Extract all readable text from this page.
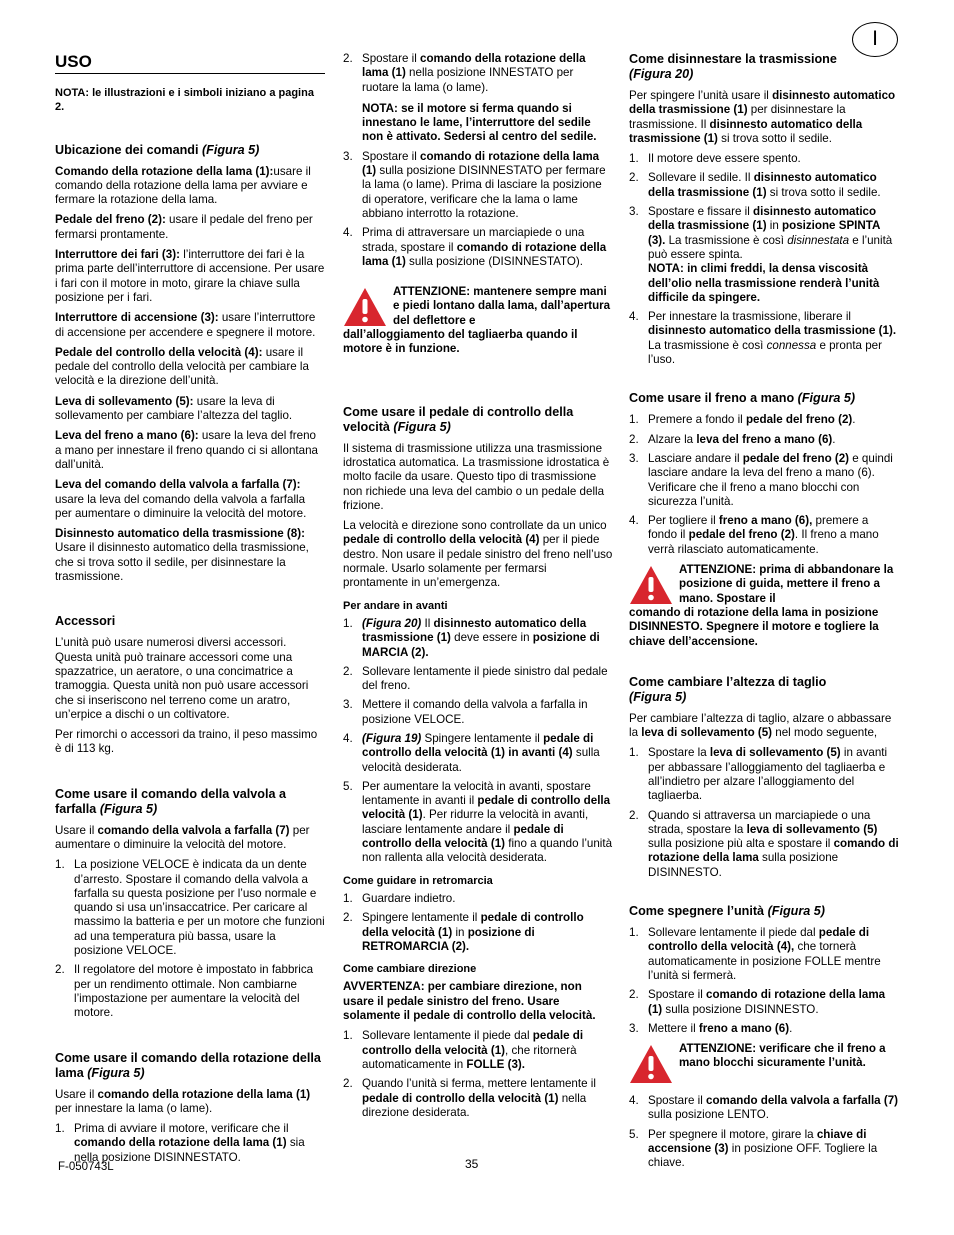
I
USO

NOTA: le illustrazioni e i simboli iniziano a pagina 2.

Ubicazione dei comandi (Figura 5)

Comando della rotazione della lama (1):usare il comando della rotazione della lama per avviare e fermare la rotazione della lama.

Pedale del freno (2): usare il pedale del freno per fermarsi prontamente.

Interruttore dei fari (3): l’interruttore dei fari è la prima parte dell’interruttore di accensione. Per usare i fari con il motore in moto, girare la chiave sulla posizione per i fari.

Interruttore di accensione (3): usare l’interruttore di accensione per accendere e spegnere il motore.

Pedale del controllo della velocità (4): usare il pedale del controllo della velocità per cambiare la velocità e la direzione dell’unità.

Leva di sollevamento (5): usare la leva di sollevamento per cambiare l’altezza del taglio.

Leva del freno a mano (6): usare la leva del freno a mano per innestare il freno quando ci si allontana dall’unità.

Leva del comando della valvola a farfalla (7): usare la leva del comando della valvola a farfalla per aumentare o diminuire la velocità del motore.

Disinnesto automatico della trasmissione (8): Usare il disinnesto automatico della trasmissione, che si trova sotto il sedile, per disinnestare la trasmissione.

Accessori

L’unità può usare numerosi diversi accessori. Questa unità può trainare accessori come una spazzatrice, un aeratore, o una concimatrice a tramoggia. Questa unità non può usare accessori che si inseriscono nel terreno come un aratro, un’erpice a dischi o un coltivatore.

Per rimorchi o accessori da traino, il peso massimo è di 113 kg.

Come usare il comando della valvola a farfalla (Figura 5)

Usare il comando della valvola a farfalla (7) per aumentare o diminuire la velocità del motore.

1. La posizione VELOCE è indicata da un dente d’arresto. Spostare il comando della valvola a farfalla su questa posizione per l’uso normale e quando si usa un’insaccatrice. Per caricare al massimo la batteria e per un motore che funzioni ad una temperatura più bassa, usare la posizione VELOCE.
2. Il regolatore del motore è impostato in fabbrica per un rendimento ottimale. Non cambiarne l’impostazione per aumentare la velocità del motore.
Come usare il comando della rotazione della lama (Figura 5)

Usare il comando della rotazione della lama (1) per innestare la lama (o lame).

1. Prima di avviare il motore, verificare che il comando della rotazione della lama (1) sia nella posizione DISINNESTATO.
2. Spostare il comando della rotazione della lama (1) nella posizione INNESTATO per ruotare la lama (o lame).
NOTA: se il motore si ferma quando si innestano le lame, l’interruttore del sedile non è attivato. Sedersi al centro del sedile.
3. Spostare il comando di rotazione della lama (1) sulla posizione DISINNESTATO per fermare la lama (o lame). Prima di lasciare la posizione di operatore, verificare che la lama o lame abbiano interrotto la rotazione.
4. Prima di attraversare un marciapiede o una strada, spostare il comando di rotazione della lama (1) sulla posizione (DISINNESTATO).
ATTENZIONE: mantenere sempre mani e piedi lontano dalla lama, dall’apertura del deflettore e
dall’alloggiamento del tagliaerba quando il motore è in funzione.
Come usare il pedale di controllo della velocità (Figura 5)

Il sistema di trasmissione utilizza una trasmissione idrostatica automatica. La trasmissione idrostatica è molto facile da usare. Questo tipo di trasmissione non richiede una leva del cambio o un pedale della frizione.

La velocità e direzione sono controllate da un unico pedale di controllo della velocità (4) per il piede destro. Non usare il pedale sinistro del freno nell’uso normale. Usarlo solamente per fermarsi prontamente in un’emergenza.

Per andare in avanti
1. (Figura 20) Il disinnesto automatico della trasmissione (1) deve essere in posizione di MARCIA (2).
2. Sollevare lentamente il piede sinistro dal pedale del freno.
3. Mettere il comando della valvola a farfalla in posizione VELOCE.
4. (Figura 19) Spingere lentamente il pedale di controllo della velocità (1) in avanti (4) sulla velocità desiderata.
5. Per aumentare la velocità in avanti, spostare lentamente in avanti il pedale di controllo della velocità (1). Per ridurre la velocità in avanti, lasciare lentamente andare il pedale di controllo della velocità (1) fino a quando l’unità non rallenta alla velocità desiderata.
Come guidare in retromarcia
1. Guardare indietro.
2. Spingere lentamente il pedale di controllo della velocità (1) in posizione di RETROMARCIA (2).
Come cambiare direzione

AVVERTENZA: per cambiare direzione, non usare il pedale sinistro del freno. Usare solamente il pedale di controllo della velocità.

1. Sollevare lentamente il piede dal pedale di controllo della velocità (1), che ritornerà automaticamente in FOLLE (3).
2. Quando l’unità si ferma, mettere lentamente il pedale di controllo della velocità (1) nella direzione desiderata.
Come disinnestare la trasmissione
(Figura 20)

Per spingere l’unità usare il disinnesto automatico della trasmissione (1) per disinnestare la trasmissione. Il disinnesto automatico della trasmissione (1) si trova sotto il sedile.

1. Il motore deve essere spento.
2. Sollevare il sedile. Il disinnesto automatico della trasmissione (1) si trova sotto il sedile.
3. Spostare e fissare il disinnesto automatico della trasmissione (1) in posizione SPINTA (3). La trasmissione è così disinnestata e l’unità può essere spinta.
NOTA: in climi freddi, la densa viscosità dell’olio nella trasmissione renderà l’unità difficile da spingere.
4. Per innestare la trasmissione, liberare il disinnesto automatico della trasmissione (1). La trasmissione è così connessa e pronta per l’uso.
Come usare il freno a mano (Figura 5)
1. Premere a fondo il pedale del freno (2).
2. Alzare la leva del freno a mano (6).
3. Lasciare andare il pedale del freno (2) e quindi lasciare andare la leva del freno a mano (6). Verificare che il freno a mano blocchi con sicurezza l’unità.
4. Per togliere il freno a mano (6), premere a fondo il pedale del freno (2). Il freno a mano verrà rilasciato automaticamente.
ATTENZIONE: prima di abbandonare la posizione di guida, mettere il freno a mano. Spostare il
comando di rotazione della lama in posizione DISINNESTO. Spegnere il motore e togliere la chiave dell’accensione.
Come cambiare l’altezza di taglio
(Figura 5)

Per cambiare l’altezza di taglio, alzare o abbassare la leva di sollevamento (5) nel modo seguente,

1. Spostare la leva di sollevamento (5) in avanti per abbassare l’alloggiamento del tagliaerba e all’indietro per alzare l’alloggiamento del tagliaerba.
2. Quando si attraversa un marciapiede o una strada, spostare la leva di sollevamento (5) sulla posizione più alta e spostare il comando di rotazione della lama sulla posizione DISINNESTO.
Come spegnere l’unità (Figura 5)
1. Sollevare lentamente il piede dal pedale di controllo della velocità (4), che tornerà automaticamente in posizione FOLLE mentre l’unità si fermerà.
2. Spostare il comando di rotazione della lama (1) sulla posizione DISINNESTO.
3. Mettere il freno a mano (6).
ATTENZIONE: verificare che il freno a mano blocchi sicuramente l’unità.
4. Spostare il comando della valvola a farfalla (7) sulla posizione LENTO.
5. Per spegnere il motore, girare la chiave di accensione (3) in posizione OFF. Togliere la chiave.
F-050743L	35
